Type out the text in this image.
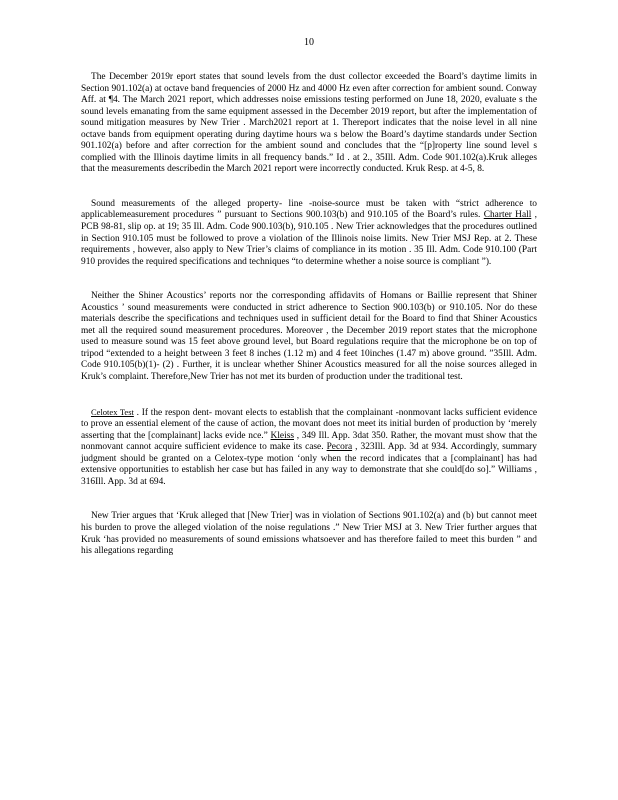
10

The December 2019r eport states that sound levels from the dust collector exceeded the Board’s daytime limits in Section 901.102(a) at octave band frequencies of 2000 Hz and 4000 Hz even after correction for ambient sound. Conway Aff. at ¶4. The March 2021 report, which addresses noise emissions testing performed on June 18, 2020, evaluate s the sound levels emanating from the same equipment assessed in the December 2019 report, but after the implementation of sound mitigation measures by New Trier . March2021 report at 1. Thereport indicates that the noise level in all nine octave bands from equipment operating during daytime hours wa s below the Board’s daytime standards under Section 901.102(a) before and after correction for the ambient sound and concludes that the “[p]roperty line sound level s complied with the Illinois daytime limits in all frequency bands.” Id . at 2., 35Ill. Adm. Code 901.102(a).Kruk alleges that the measurements describedin the March 2021 report were incorrectly conducted. Kruk Resp. at 4-5, 8.

Sound measurements of the alleged property- line -noise-source must be taken with “strict adherence to applicablemeasurement procedures ” pursuant to Sections 900.103(b) and 910.105 of the Board’s rules. Charter Hall , PCB 98-81, slip op. at 19; 35 Ill. Adm. Code 900.103(b), 910.105 . New Trier acknowledges that the procedures outlined in Section 910.105 must be followed to prove a violation of the Illinois noise limits. New Trier MSJ Rep. at 2. These requirements , however, also apply to New Trier’s claims of compliance in its motion . 35 Ill. Adm. Code 910.100 (Part 910 provides the required specifications and techniques “to determine whether a noise source is compliant ”).

Neither the Shiner Acoustics’ reports nor the corresponding affidavits of Homans or Baillie represent that Shiner Acoustics ’ sound measurements were conducted in strict adherence to Section 900.103(b) or 910.105. Nor do these materials describe the specifications and techniques used in sufficient detail for the Board to find that Shiner Acoustics met all the required sound measurement procedures. Moreover , the December 2019 report states that the microphone used to measure sound was 15 feet above ground level, but Board regulations require that the microphone be on top of tripod “extended to a height between 3 feet 8 inches (1.12 m) and 4 feet 10inches (1.47 m) above ground. ”35Ill. Adm. Code 910.105(b)(1)- (2) . Further, it is unclear whether Shiner Acoustics measured for all the noise sources alleged in Kruk’s complaint. Therefore,New Trier has not met its burden of production under the traditional test.

Celotex Test . If the respon dent- movant elects to establish that the complainant -nonmovant lacks sufficient evidence to prove an essential element of the cause of action, the movant does not meet its initial burden of production by ‘merely asserting that the [complainant] lacks evide nce.” Kleiss , 349 Ill. App. 3dat 350. Rather, the movant must show that the nonmovant cannot acquire sufficient evidence to make its case. Pecora , 323Ill. App. 3d at 934. Accordingly, summary judgment should be granted on a Celotex-type motion ‘only when the record indicates that a [complainant] has had extensive opportunities to establish her case but has failed in any way to demonstrate that she could[do so].” Williams , 316Ill. App. 3d at 694.

New Trier argues that ‘Kruk alleged that [New Trier] was in violation of Sections 901.102(a) and (b) but cannot meet his burden to prove the alleged violation of the noise regulations .” New Trier MSJ at 3. New Trier further argues that Kruk ‘has provided no measurements of sound emissions whatsoever and has therefore failed to meet this burden ” and his allegations regarding
